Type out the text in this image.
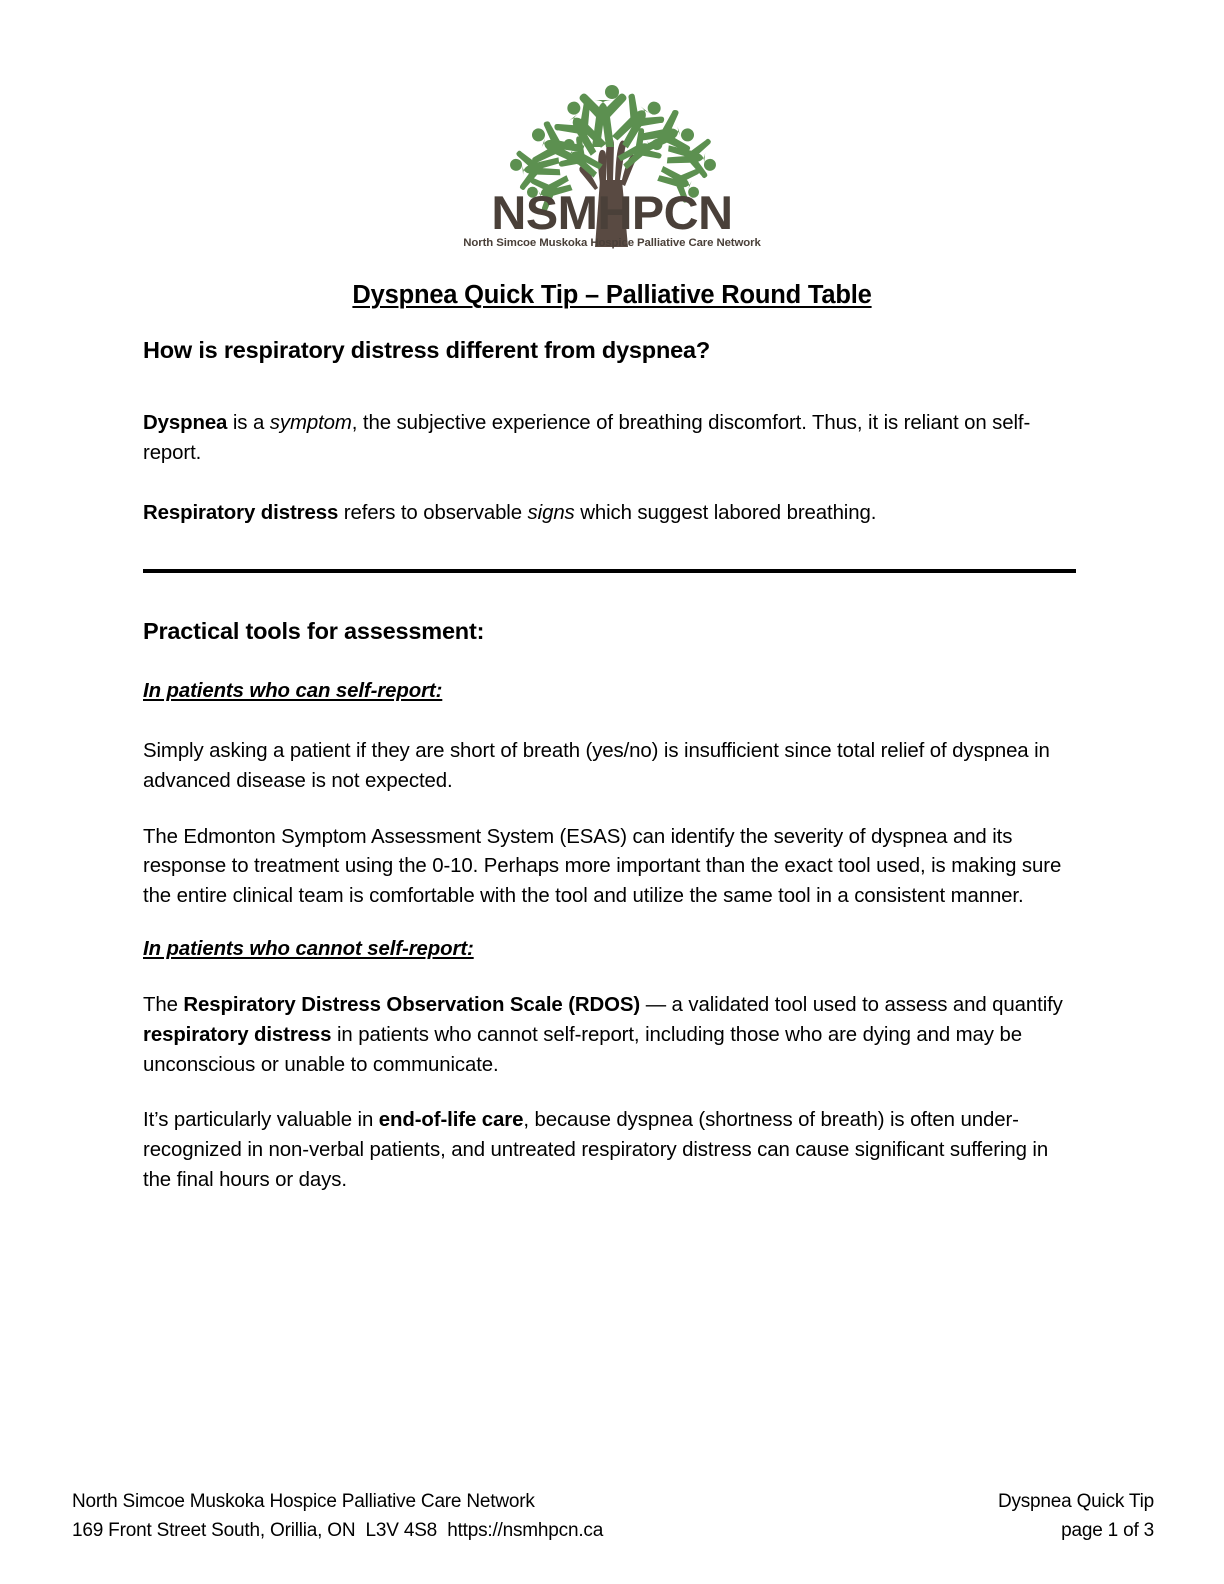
NSMHPCN
North Simcoe Muskoka Hospice Palliative Care Network
Dyspnea Quick Tip – Palliative Round Table
How is respiratory distress different from dyspnea?

Dyspnea is a symptom, the subjective experience of breathing discomfort. Thus, it is reliant on self-report.

Respiratory distress refers to observable signs which suggest labored breathing.

Practical tools for assessment:
In patients who can self-report:

Simply asking a patient if they are short of breath (yes/no) is insufficient since total relief of dyspnea in advanced disease is not expected.

The Edmonton Symptom Assessment System (ESAS) can identify the severity of dyspnea and its response to treatment using the 0-10. Perhaps more important than the exact tool used, is making sure the entire clinical team is comfortable with the tool and utilize the same tool in a consistent manner.

In patients who cannot self-report:

The Respiratory Distress Observation Scale (RDOS) — a validated tool used to assess and quantify respiratory distress in patients who cannot self-report, including those who are dying and may be unconscious or unable to communicate.

It’s particularly valuable in end-of-life care, because dyspnea (shortness of breath) is often under-recognized in non-verbal patients, and untreated respiratory distress can cause significant suffering in the final hours or days.

North Simcoe Muskoka Hospice Palliative Care Network
169 Front Street South, Orillia, ON  L3V 4S8  https://nsmhpcn.ca
Dyspnea Quick Tip
page 1 of 3
